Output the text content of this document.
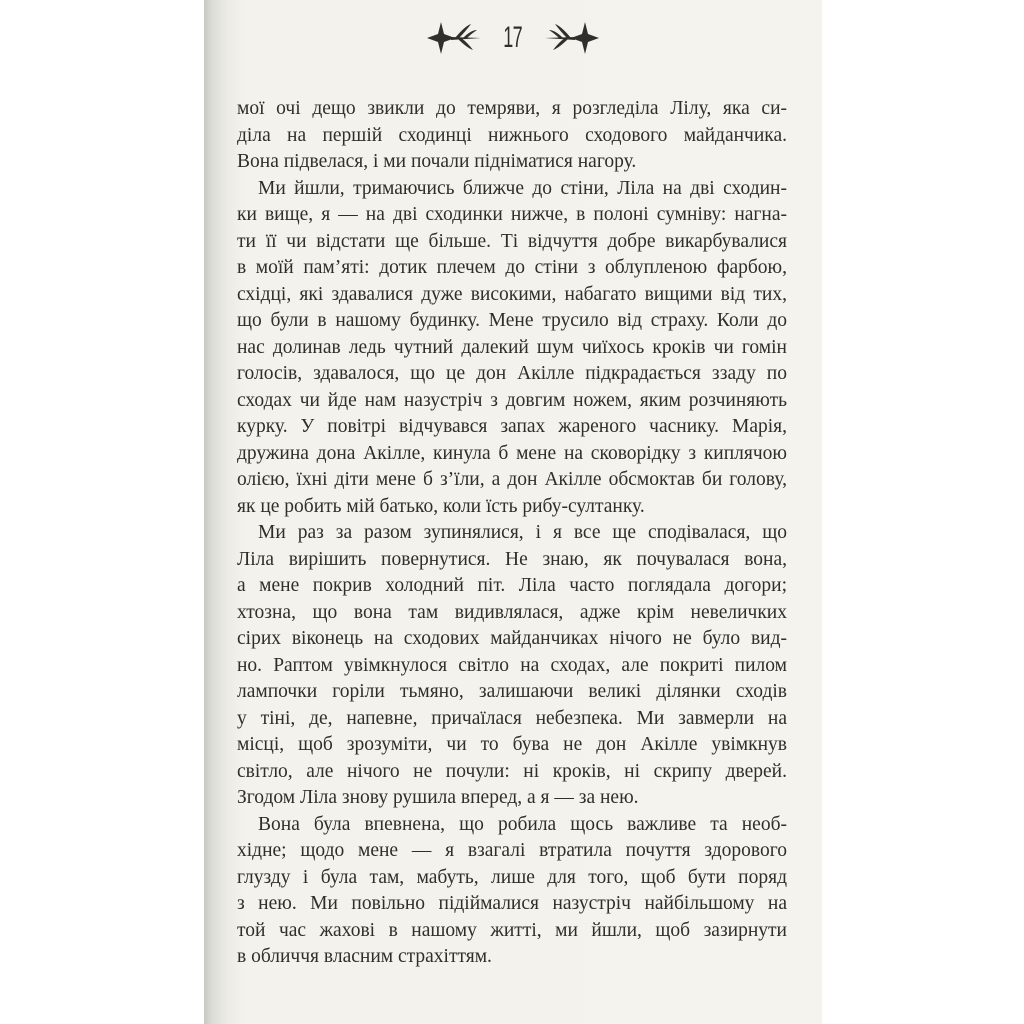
17
мої очі дещо звикли до темряви, я розгледіла Лілу, яка си-
діла на першій сходинці нижнього сходового майданчика.
Вона підвелася, і ми почали підніматися нагору.
Ми йшли, тримаючись ближче до стіни, Ліла на дві сходин-
ки вище, я — на дві сходинки нижче, в полоні сумніву: нагна-
ти її чи відстати ще більше. Ті відчуття добре викарбувалися
в моїй пам’яті: дотик плечем до стіни з облупленою фарбою,
східці, які здавалися дуже високими, набагато вищими від тих,
що були в нашому будинку. Мене трусило від страху. Коли до
нас долинав ледь чутний далекий шум чиїхось кроків чи гомін
голосів, здавалося, що це дон Акілле підкрадається ззаду по
сходах чи йде нам назустріч з довгим ножем, яким розчиняють
курку. У повітрі відчувався запах жареного часнику. Марія,
дружина дона Акілле, кинула б мене на сковорідку з киплячою
олією, їхні діти мене б з’їли, а дон Акілле обсмоктав би голову,
як це робить мій батько, коли їсть рибу-султанку.
Ми раз за разом зупинялися, і я все ще сподівалася, що
Ліла вирішить повернутися. Не знаю, як почувалася вона,
а мене покрив холодний піт. Ліла часто поглядала догори;
хтозна, що вона там видивлялася, адже крім невеличких
сірих віконець на сходових майданчиках нічого не було вид-
но. Раптом увімкнулося світло на сходах, але покриті пилом
лампочки горіли тьмяно, залишаючи великі ділянки сходів
у тіні, де, напевне, причаїлася небезпека. Ми завмерли на
місці, щоб зрозуміти, чи то бува не дон Акілле увімкнув
світло, але нічого не почули: ні кроків, ні скрипу дверей.
Згодом Ліла знову рушила вперед, а я — за нею.
Вона була впевнена, що робила щось важливе та необ-
хідне; щодо мене — я взагалі втратила почуття здорового
глузду і була там, мабуть, лише для того, щоб бути поряд
з нею. Ми повільно підіймалися назустріч найбільшому на
той час жахові в нашому житті, ми йшли, щоб зазирнути
в обличчя власним страхіттям.
